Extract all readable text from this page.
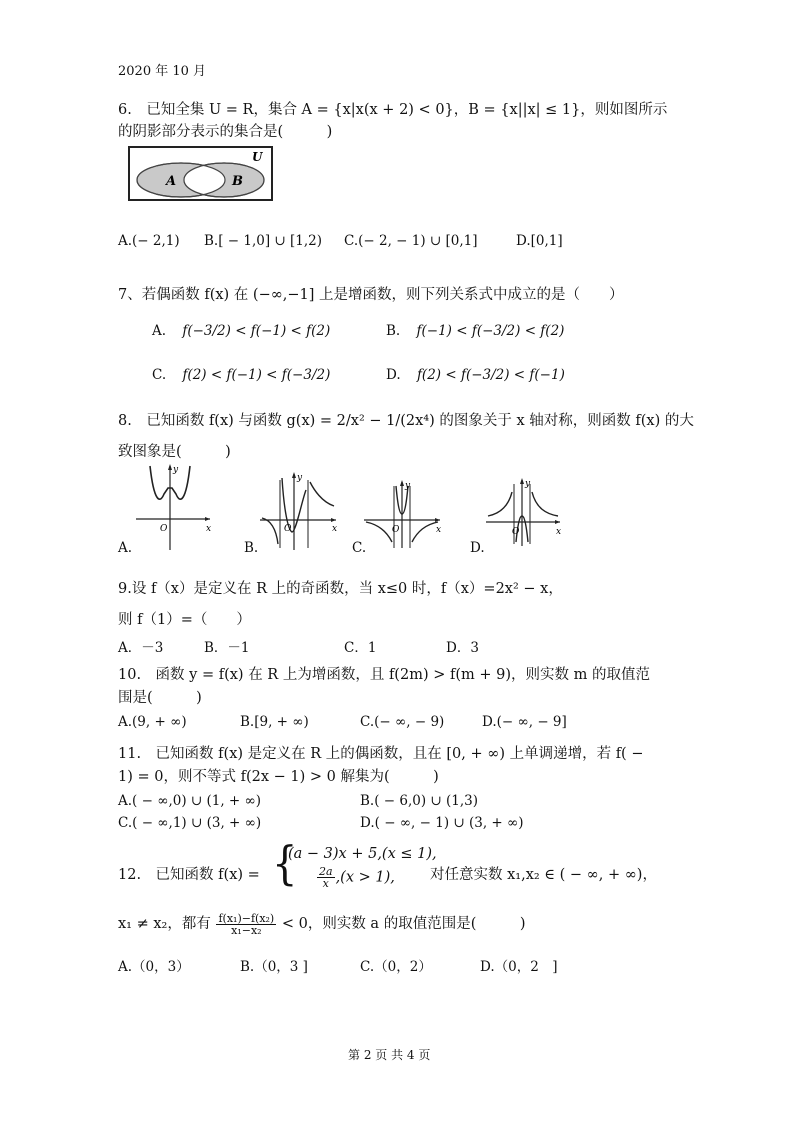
2020 年 10 月
6.　已知全集 U = R，集合 A = {x|x(x + 2) < 0}，B = {x||x| ≤ 1}，则如图所示
的阴影部分表示的集合是(　　　)
A	B
U
A.(− 2,1) B.[ − 1,0] ∪ [1,2) C.(− 2, − 1) ∪ [0,1]	D.[0,1]
7、若偶函数 f(x) 在 (−∞,−1] 上是增函数，则下列关系式中成立的是（　　）
A. f(−3/2) < f(−1) < f(2)	B. f(−1) < f(−3/2) < f(2)
C. f(2) < f(−1) < f(−3/2)	D. f(2) < f(−3/2) < f(−1)
8.　已知函数 f(x) 与函数 g(x) = 2/x² − 1/(2x⁴) 的图象关于 x 轴对称，则函数 f(x) 的大
致图象是(　　　)
y
x
O
y
x
O
y
x
O
y
x
O
A.	B.	C.	D.
9.设 f（x）是定义在 R 上的奇函数，当 x≤0 时，f（x）=2x² − x，
则 f（1）=（　　）
A．－3	B．－1	C．1	D．3
10.　函数 y = f(x) 在 R 上为增函数，且 f(2m) > f(m + 9)，则实数 m 的取值范
围是(　　　)
A.(9, + ∞)	B.[9, + ∞)	C.(− ∞, − 9)	D.(− ∞, − 9]
11.　已知函数 f(x) 是定义在 R 上的偶函数，且在 [0, + ∞) 上单调递增，若 f( −
1) = 0，则不等式 f(2x − 1) > 0 解集为(　　　)
A.( − ∞,0) ∪ (1, + ∞)	B.( − 6,0) ∪ (1,3)
C.( − ∞,1) ∪ (3, + ∞)	D.( − ∞, − 1) ∪ (3, + ∞)
12.　已知函数 f(x) = {
(a − 3)x + 5,(x ≤ 1),
$\frac{2a}{x} ,(x > 1)$, 对任意实数 x₁,x₂ ∈ ( − ∞, + ∞)，
x₁ ≠ x₂，都有 $\frac{\text{f(x₁)−f(x₂)}}{\text{x₁−x₂}} < 0$，则实数 a 的取值范围是(　　　)
A.（0，3）	B.（0，3 ]	C.（0，2）	D.（0，2　]
第 2 页 共 4 页
